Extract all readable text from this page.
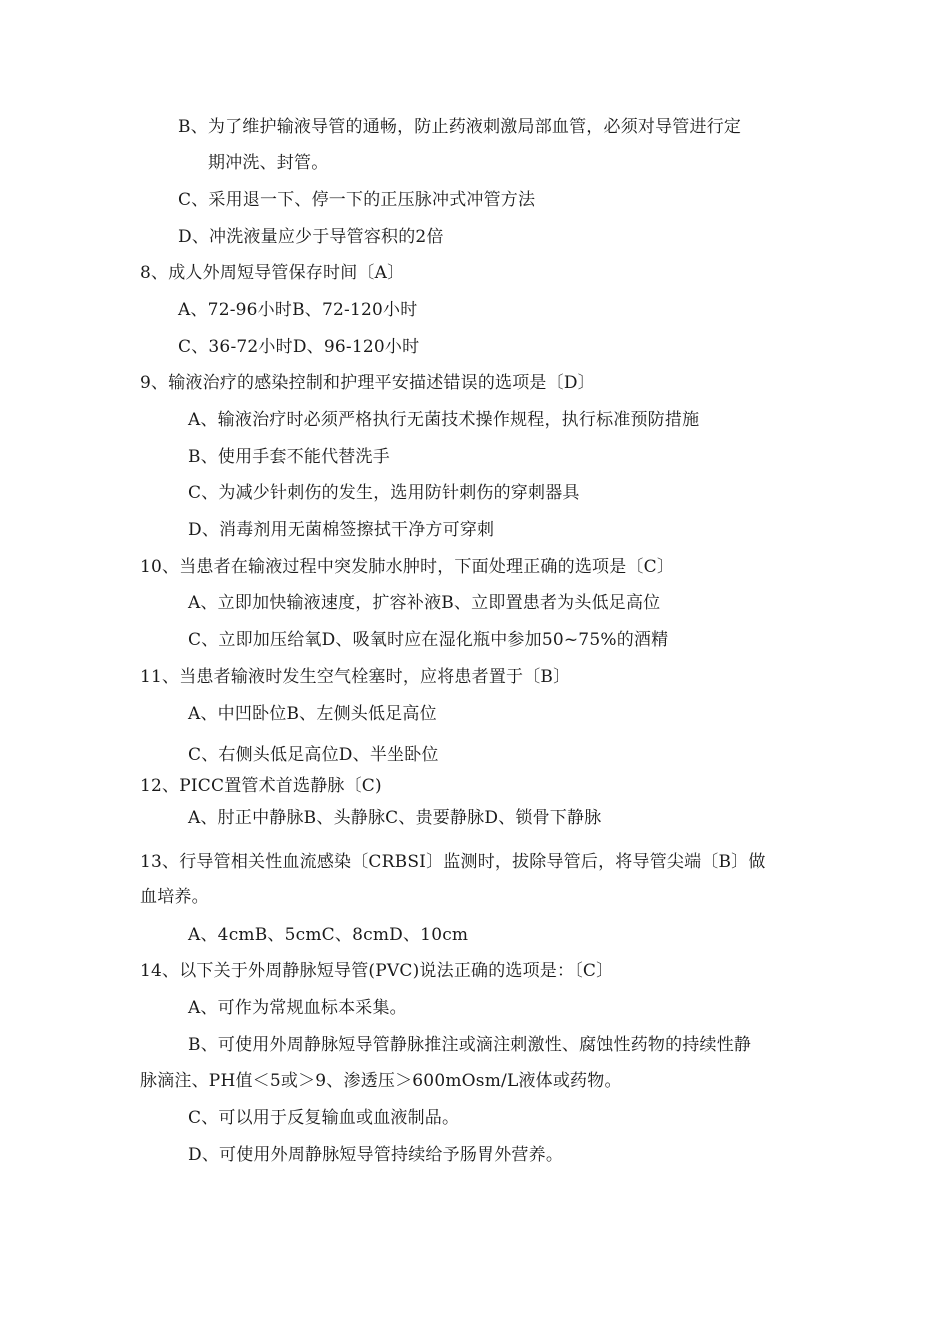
B、为了维护输液导管的通畅，防止药液刺激局部血管，必须对导管进行定
期冲洗、封管。
C、采用退一下、停一下的正压脉冲式冲管方法
D、冲洗液量应少于导管容积的2倍
8、成人外周短导管保存时间〔A〕
A、72-96小时B、72-120小时
C、36-72小时D、96-120小时
9、输液治疗的感染控制和护理平安描述错误的选项是〔D〕
A、输液治疗时必须严格执行无菌技术操作规程，执行标准预防措施
B、使用手套不能代替洗手
C、为减少针刺伤的发生，选用防针刺伤的穿刺器具
D、消毒剂用无菌棉签擦拭干净方可穿刺
10、当患者在输液过程中突发肺水肿时，下面处理正确的选项是〔C〕
A、立即加快输液速度，扩容补液B、立即置患者为头低足高位
C、立即加压给氧D、吸氧时应在湿化瓶中参加50~75%的酒精
11、当患者输液时发生空气栓塞时，应将患者置于〔B〕
A、中凹卧位B、左侧头低足高位
C、右侧头低足高位D、半坐卧位
12、PICC置管术首选静脉〔C)
A、肘正中静脉B、头静脉C、贵要静脉D、锁骨下静脉
13、行导管相关性血流感染〔CRBSI〕监测时，拔除导管后，将导管尖端〔B〕做
血培养。
A、4cmB、5cmC、8cmD、10cm
14、以下关于外周静脉短导管(PVC)说法正确的选项是：〔C〕
A、可作为常规血标本采集。
B、可使用外周静脉短导管静脉推注或滴注刺激性、腐蚀性药物的持续性静
脉滴注、PH值＜5或＞9、渗透压＞600mOsm/L液体或药物。
C、可以用于反复输血或血液制品。
D、可使用外周静脉短导管持续给予肠胃外营养。
